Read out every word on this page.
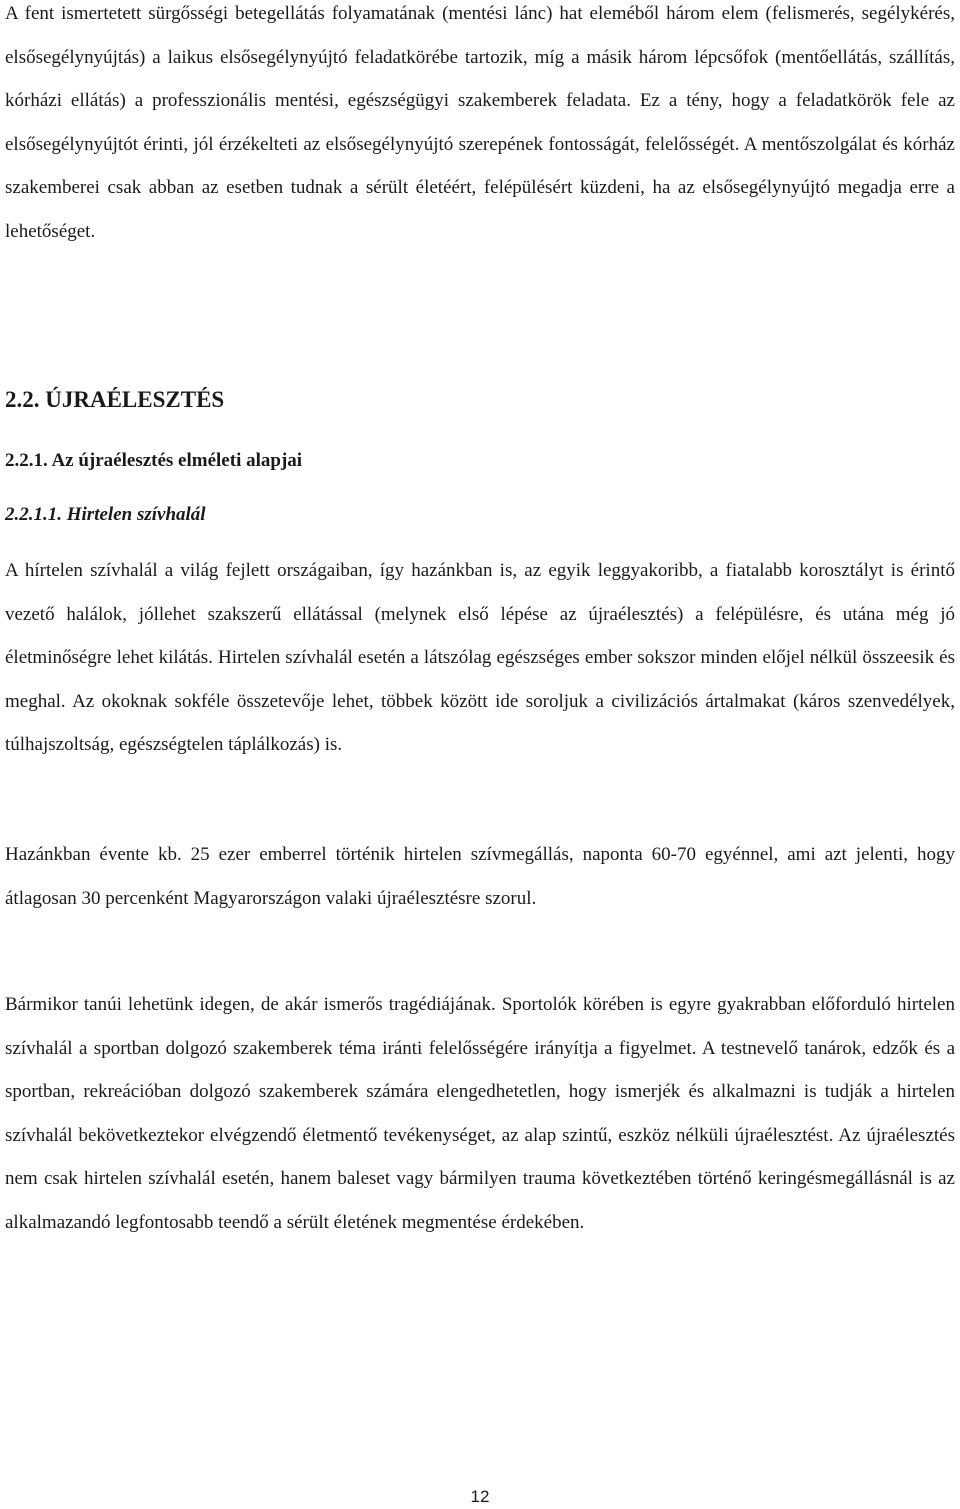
A fent ismertetett sürgősségi betegellátás folyamatának (mentési lánc) hat eleméből három elem (felismerés, segélykérés, elsősegélynyújtás) a laikus elsősegélynyújtó feladatkörébe tartozik, míg a másik három lépcsőfok (mentőellátás, szállítás, kórházi ellátás) a professzionális mentési, egészségügyi szakemberek feladata. Ez a tény, hogy a feladatkörök fele az elsősegélynyújtót érinti, jól érzékelteti az elsősegélynyújtó szerepének fontosságát, felelősségét. A mentőszolgálat és kórház szakemberei csak abban az esetben tudnak a sérült életéért, felépülésért küzdeni, ha az elsősegélynyújtó megadja erre a lehetőséget.

2.2. ÚJRAÉLESZTÉS
2.2.1. Az újraélesztés elméleti alapjai
2.2.1.1. Hirtelen szívhalál

A hírtelen szívhalál a világ fejlett országaiban, így hazánkban is, az egyik leggyakoribb, a fiatalabb korosztályt is érintő vezető halálok, jóllehet szakszerű ellátással (melynek első lépése az újraélesztés) a felépülésre, és utána még jó életminőségre lehet kilátás. Hirtelen szívhalál esetén a látszólag egészséges ember sokszor minden előjel nélkül összeesik és meghal. Az okoknak sokféle összetevője lehet, többek között ide soroljuk a civilizációs ártalmakat (káros szenvedélyek, túlhajszoltság, egészségtelen táplálkozás) is.

Hazánkban évente kb. 25 ezer emberrel történik hirtelen szívmegállás, naponta 60-70 egyénnel, ami azt jelenti, hogy átlagosan 30 percenként Magyarországon valaki újraélesztésre szorul.

Bármikor tanúi lehetünk idegen, de akár ismerős tragédiájának. Sportolók körében is egyre gyakrabban előforduló hirtelen szívhalál a sportban dolgozó szakemberek téma iránti felelősségére irányítja a figyelmet. A testnevelő tanárok, edzők és a sportban, rekreációban dolgozó szakemberek számára elengedhetetlen, hogy ismerjék és alkalmazni is tudják a hirtelen szívhalál bekövetkeztekor elvégzendő életmentő tevékenységet, az alap szintű, eszköz nélküli újraélesztést. Az újraélesztés nem csak hirtelen szívhalál esetén, hanem baleset vagy bármilyen trauma következtében történő keringésmegállásnál is az alkalmazandó legfontosabb teendő a sérült életének megmentése érdekében.

12
